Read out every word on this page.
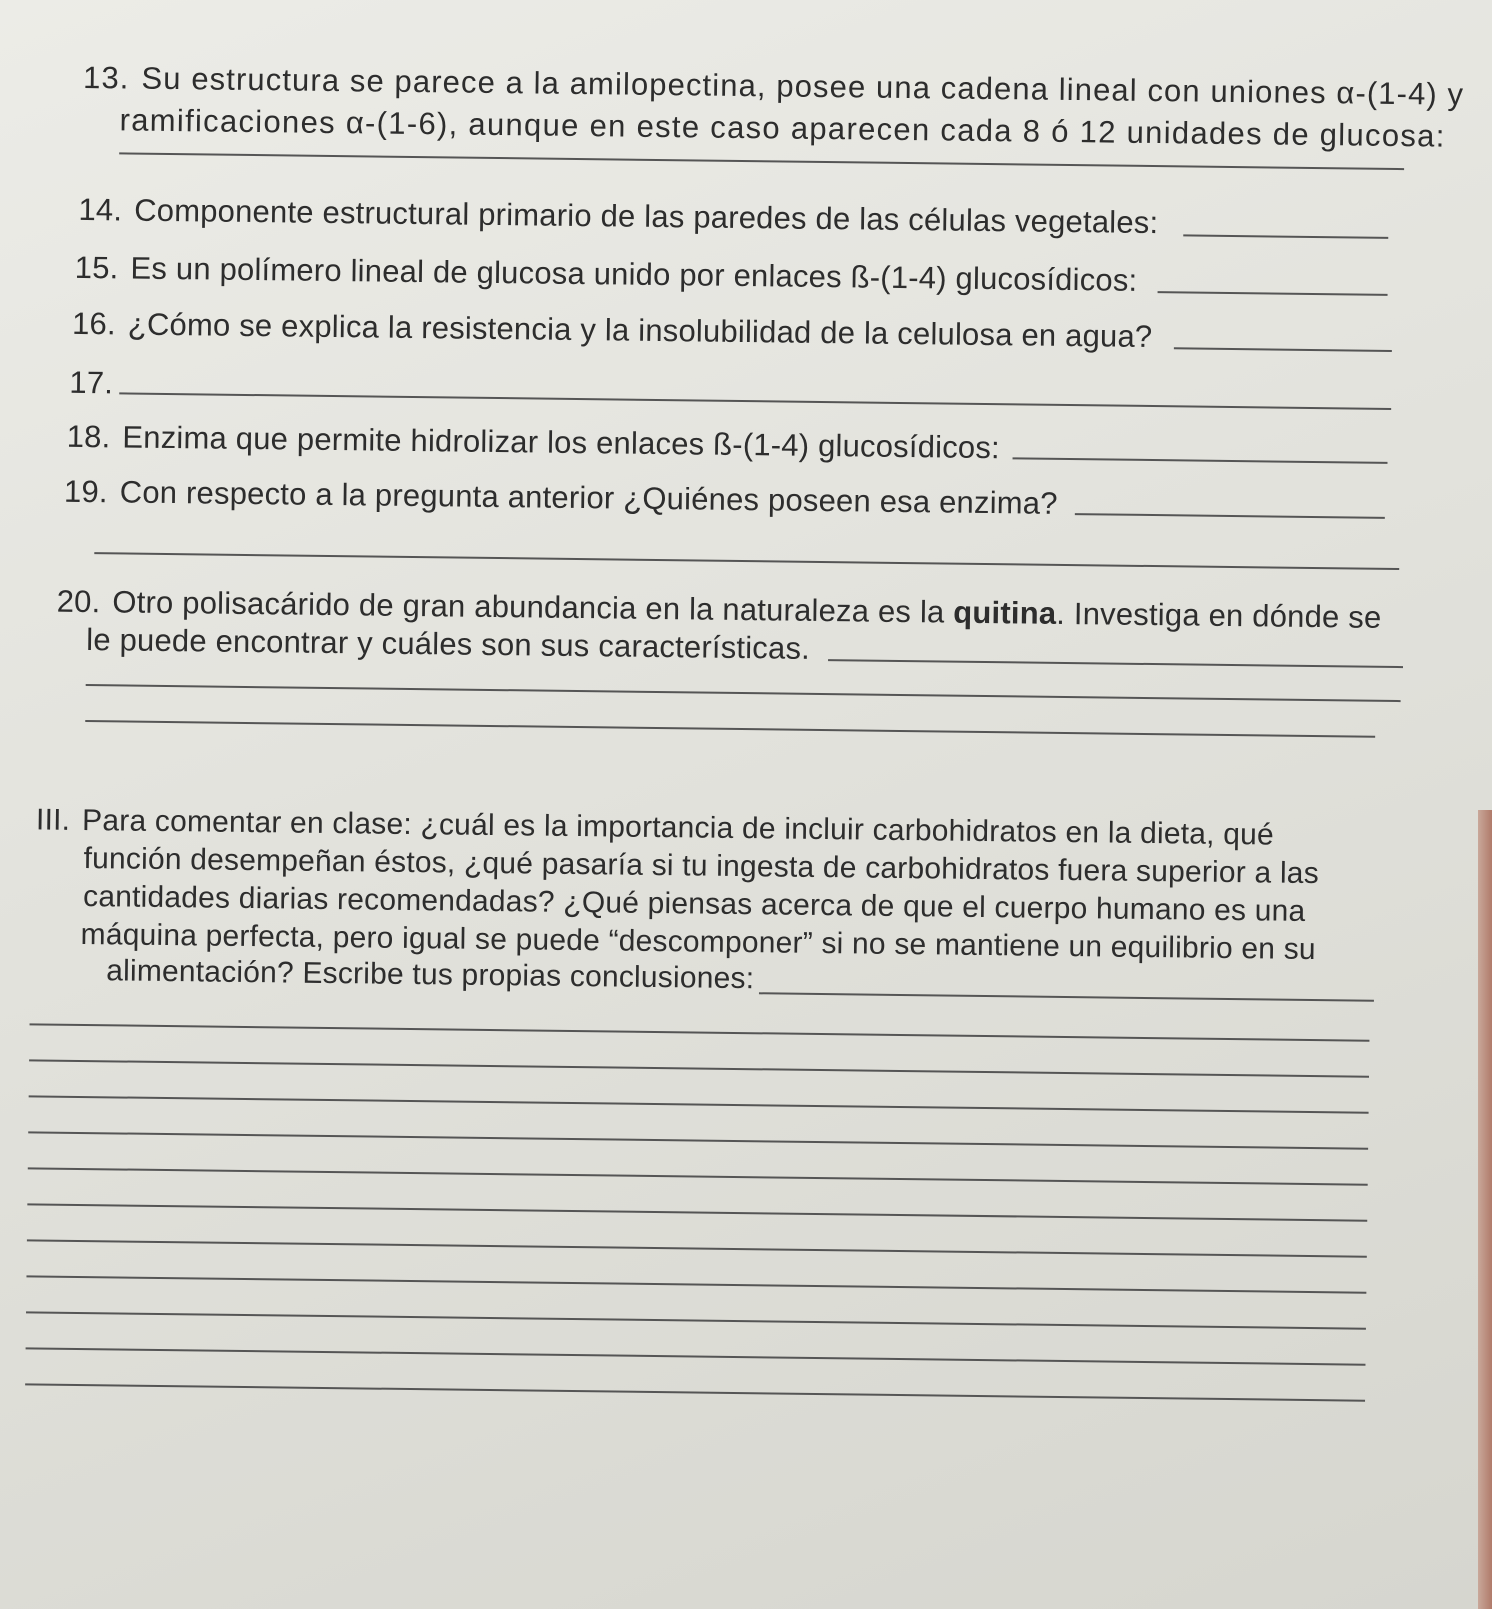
13. Su estructura se parece a la amilopectina, posee una cadena lineal con uniones α-(1-4) y
ramificaciones α-(1-6), aunque en este caso aparecen cada 8 ó 12 unidades de glucosa:
14. Componente estructural primario de las paredes de las células vegetales:
15. Es un polímero lineal de glucosa unido por enlaces ß-(1-4) glucosídicos:
16. ¿Cómo se explica la resistencia y la insolubilidad de la celulosa en agua?
17.
18. Enzima que permite hidrolizar los enlaces ß-(1-4) glucosídicos:
19. Con respecto a la pregunta anterior ¿Quiénes poseen esa enzima?
20. Otro polisacárido de gran abundancia en la naturaleza es la quitina. Investiga en dónde se
le puede encontrar y cuáles son sus características.
III. Para comentar en clase: ¿cuál es la importancia de incluir carbohidratos en la dieta, qué
función desempeñan éstos, ¿qué pasaría si tu ingesta de carbohidratos fuera superior a las
cantidades diarias recomendadas? ¿Qué piensas acerca de que el cuerpo humano es una
máquina perfecta, pero igual se puede “descomponer” si no se mantiene un equilibrio en su
alimentación? Escribe tus propias conclusiones:
